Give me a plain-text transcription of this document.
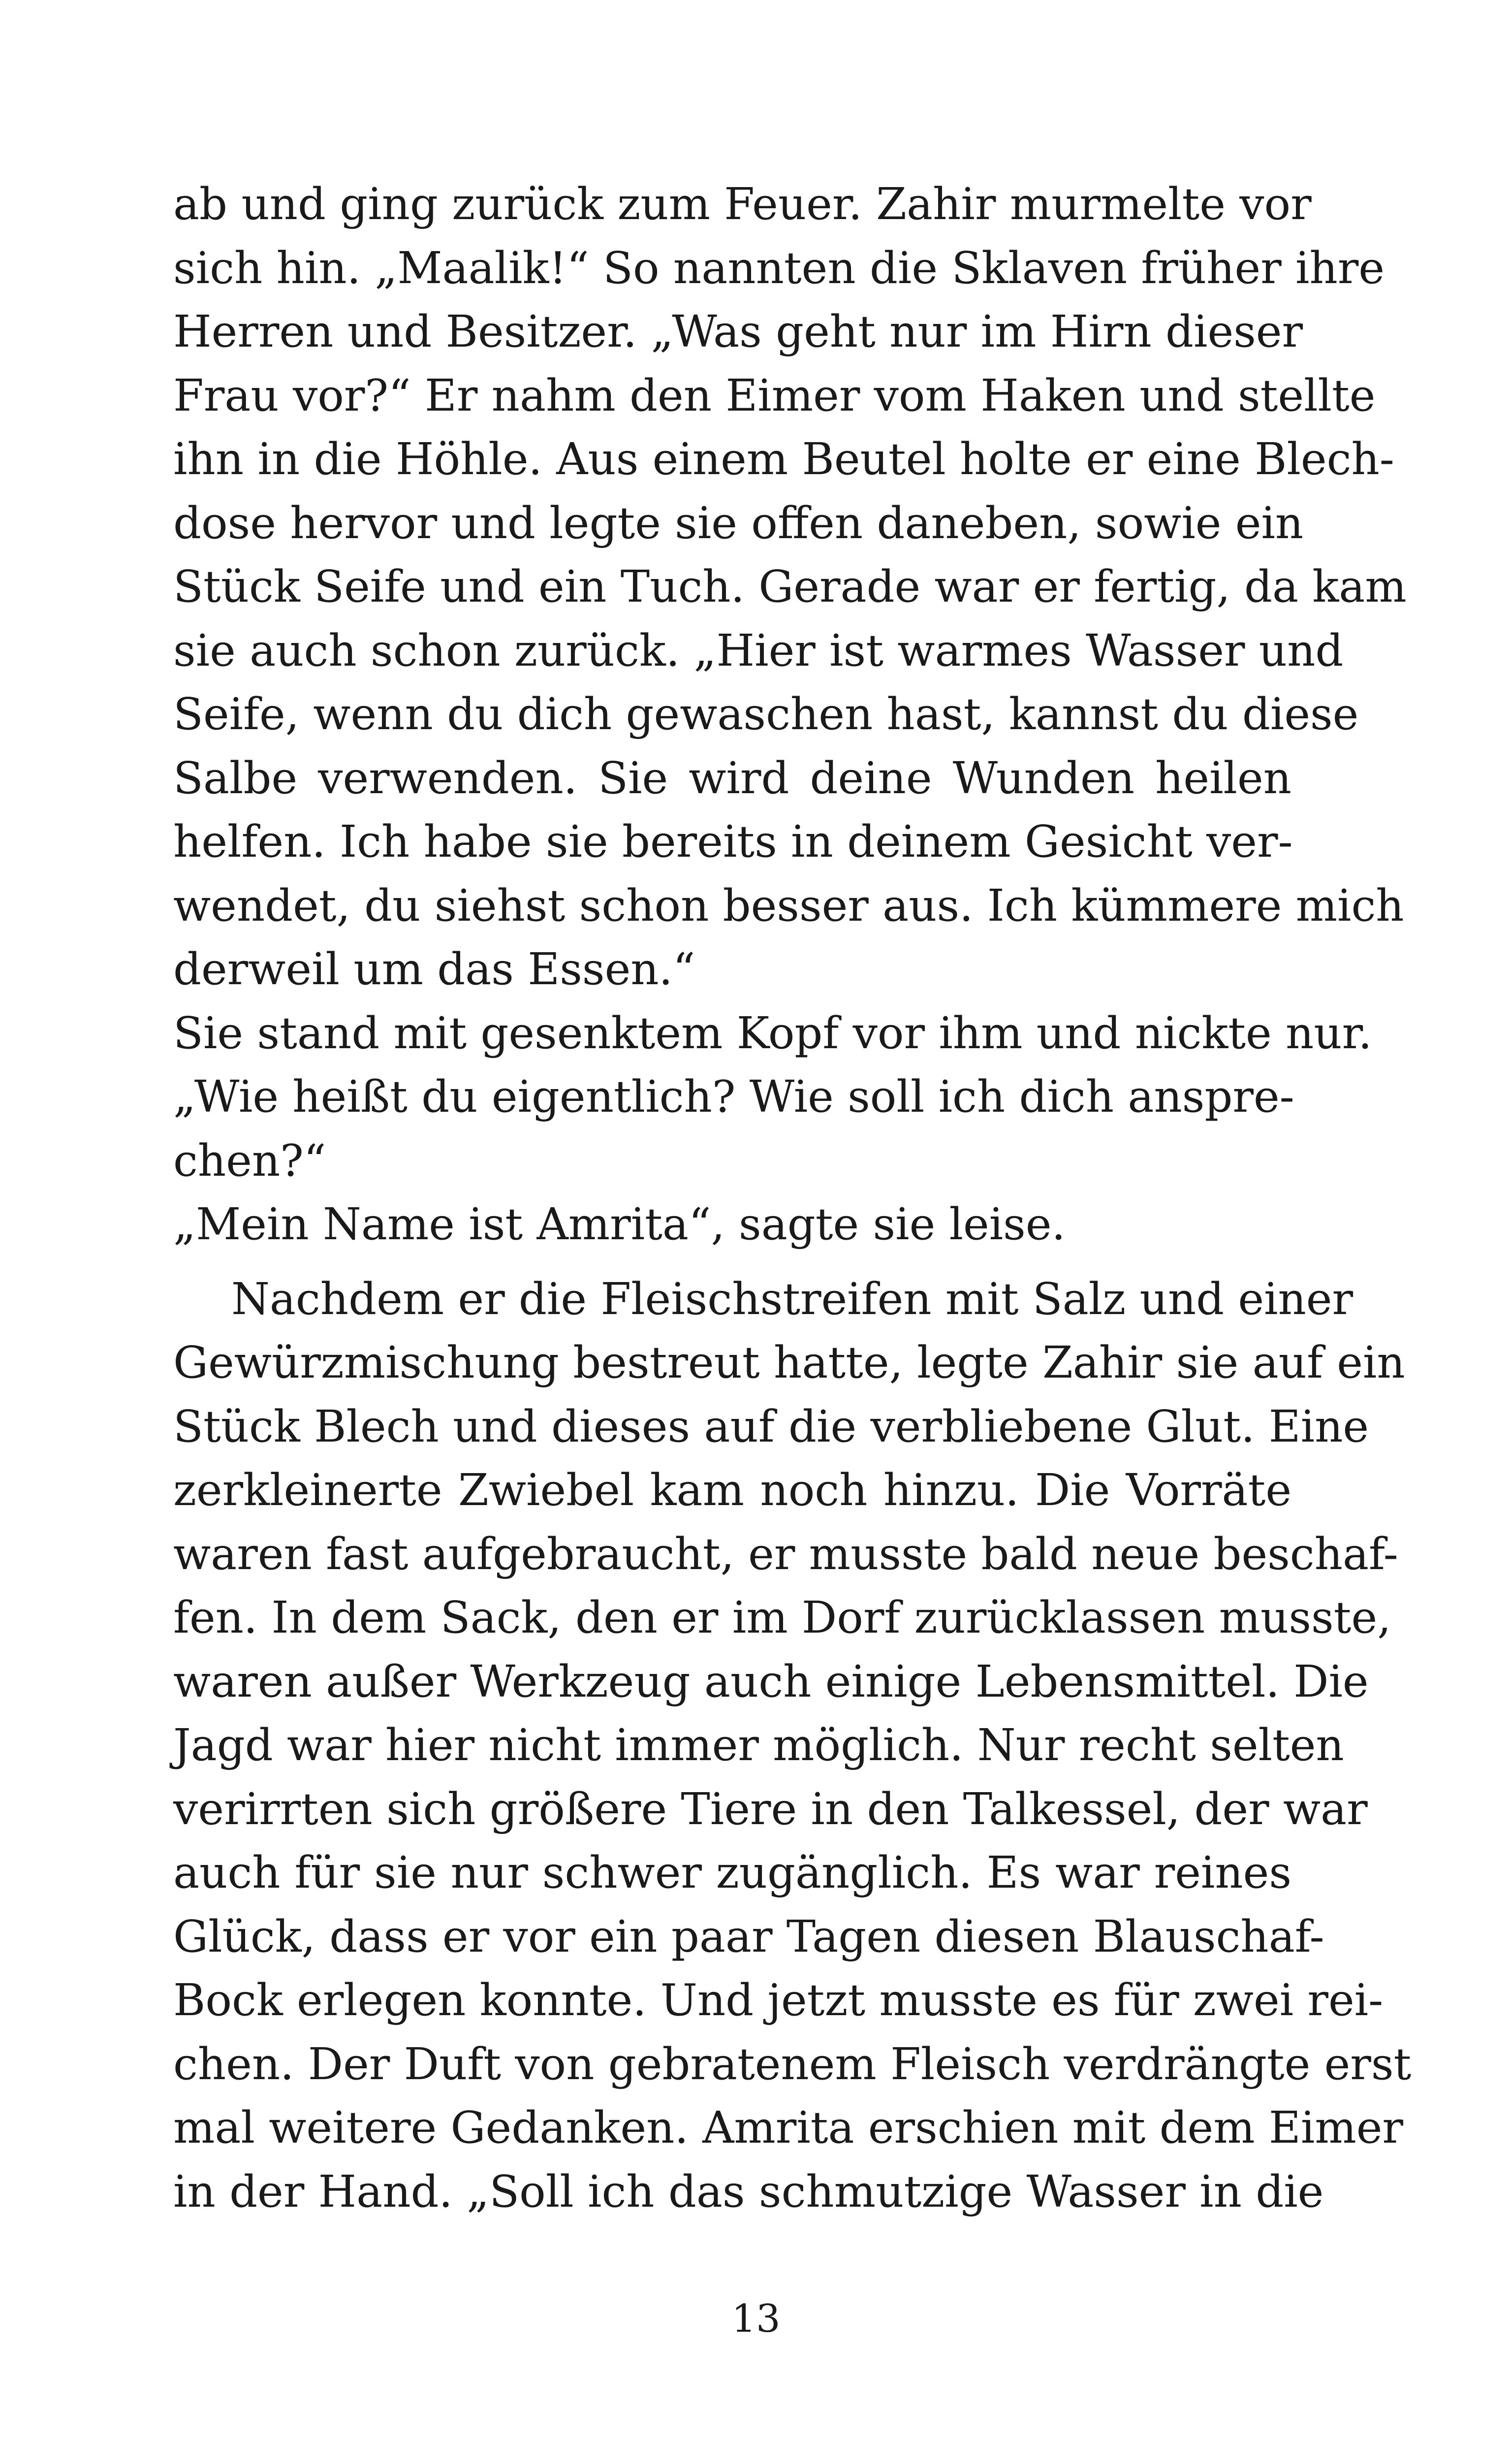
ab und ging zurück zum Feuer. Zahir murmelte vor
sich hin. „Maalik!“ So nannten die Sklaven früher ihre
Herren und Besitzer. „Was geht nur im Hirn dieser
Frau vor?“ Er nahm den Eimer vom Haken und stellte
ihn in die Höhle. Aus einem Beutel holte er eine Blech-
dose hervor und legte sie offen daneben, sowie ein
Stück Seife und ein Tuch. Gerade war er fertig, da kam
sie auch schon zurück. „Hier ist warmes Wasser und
Seife, wenn du dich gewaschen hast, kannst du diese
Salbe verwenden. Sie wird deine Wunden heilen
helfen. Ich habe sie bereits in deinem Gesicht ver-
wendet, du siehst schon besser aus. Ich kümmere mich
derweil um das Essen.“
Sie stand mit gesenktem Kopf vor ihm und nickte nur.
„Wie heißt du eigentlich? Wie soll ich dich anspre-
chen?“
„Mein Name ist Amrita“, sagte sie leise.
Nachdem er die Fleischstreifen mit Salz und einer
Gewürzmischung bestreut hatte, legte Zahir sie auf ein
Stück Blech und dieses auf die verbliebene Glut. Eine
zerkleinerte Zwiebel kam noch hinzu. Die Vorräte
waren fast aufgebraucht, er musste bald neue beschaf-
fen. In dem Sack, den er im Dorf zurücklassen musste,
waren außer Werkzeug auch einige Lebensmittel. Die
Jagd war hier nicht immer möglich. Nur recht selten
verirrten sich größere Tiere in den Talkessel, der war
auch für sie nur schwer zugänglich. Es war reines
Glück, dass er vor ein paar Tagen diesen Blauschaf-
Bock erlegen konnte. Und jetzt musste es für zwei rei-
chen. Der Duft von gebratenem Fleisch verdrängte erst
mal weitere Gedanken. Amrita erschien mit dem Eimer
in der Hand. „Soll ich das schmutzige Wasser in die
13
